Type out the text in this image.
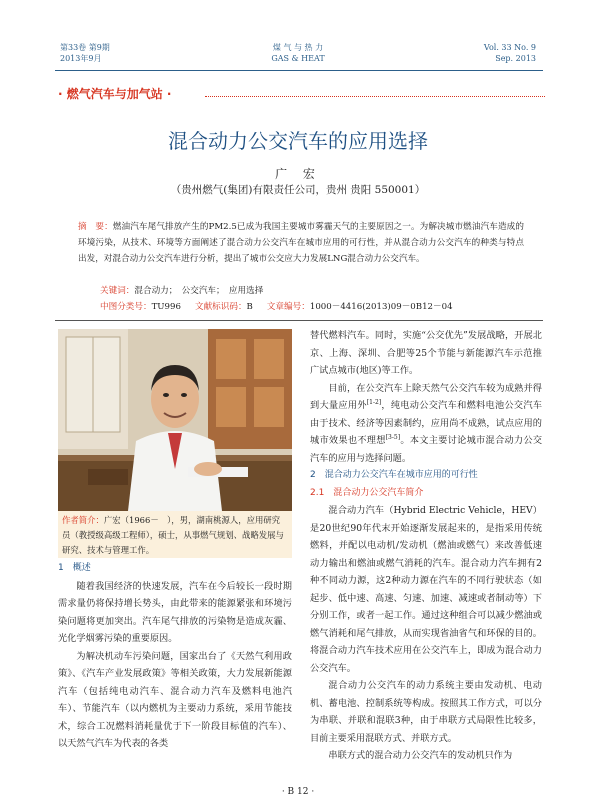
第33卷 第9期
2013年9月
煤 气 与 热 力
GAS & HEAT
Vol. 33 No. 9
Sep. 2013
· 燃气汽车与加气站 ·
混合动力公交汽车的应用选择
广 宏
（贵州燃气(集团)有限责任公司，贵州 贵阳 550001）
摘　要：燃油汽车尾气排放产生的PM2.5已成为我国主要城市雾霾天气的主要原因之一。为解决城市燃油汽车造成的环境污染，从技术、环境等方面阐述了混合动力公交汽车在城市应用的可行性，并从混合动力公交汽车的种类与特点出发，对混合动力公交汽车进行分析，提出了城市公交应大力发展LNG混合动力公交汽车。
关键词：混合动力；　公交汽车；　应用选择
中图分类号：TU996 文献标识码：B 文章编号：1000－4416(2013)09－0B12－04
作者简介：广宏（1966－　），男，湖南桃源人，应用研究员（教授级高级工程师），硕士，从事燃气规划、战略发展与研究、技术与管理工作。

1　概述

随着我国经济的快速发展，汽车在今后较长一段时期需求量仍将保持增长势头，由此带来的能源紧张和环境污染问题将更加突出。汽车尾气排放的污染物是造成灰霾、光化学烟雾污染的重要原因。

为解决机动车污染问题，国家出台了《天然气利用政策》、《汽车产业发展政策》等相关政策，大力发展新能源汽车（包括纯电动汽车、混合动力汽车及燃料电池汽车）、节能汽车（以内燃机为主要动力系统，采用节能技术，综合工况燃料消耗量优于下一阶段目标值的汽车）、以天然气汽车为代表的各类

替代燃料汽车。同时，实施“公交优先”发展战略，开展北京、上海、深圳、合肥等25个节能与新能源汽车示范推广试点城市(地区)等工作。

目前，在公交汽车上除天然气公交汽车较为成熟并得到大量应用外[1-2]，纯电动公交汽车和燃料电池公交汽车由于技术、经济等因素制约，应用尚不成熟，试点应用的城市效果也不理想[3-5]。本文主要讨论城市混合动力公交汽车的应用与选择问题。

2　混合动力公交汽车在城市应用的可行性

2.1　混合动力公交汽车简介

混合动力汽车（Hybrid Electric Vehicle，HEV）是20世纪90年代末开始逐渐发展起来的，是指采用传统燃料，并配以电动机/发动机（燃油或燃气）来改善低速动力输出和燃油或燃气消耗的汽车。混合动力汽车拥有2种不同动力源，这2种动力源在汽车的不同行驶状态（如起步、低中速、高速、匀速、加速、减速或者制动等）下分别工作，或者一起工作。通过这种组合可以减少燃油或燃气消耗和尾气排放，从而实现省油省气和环保的目的。将混合动力汽车技术应用在公交汽车上，即成为混合动力公交汽车。

混合动力公交汽车的动力系统主要由发动机、电动机、蓄电池、控制系统等构成。按照其工作方式，可以分为串联、并联和混联3种，由于串联方式局限性比较多，目前主要采用混联方式、并联方式。

串联方式的混合动力公交汽车的发动机只作为

· B 12 ·
